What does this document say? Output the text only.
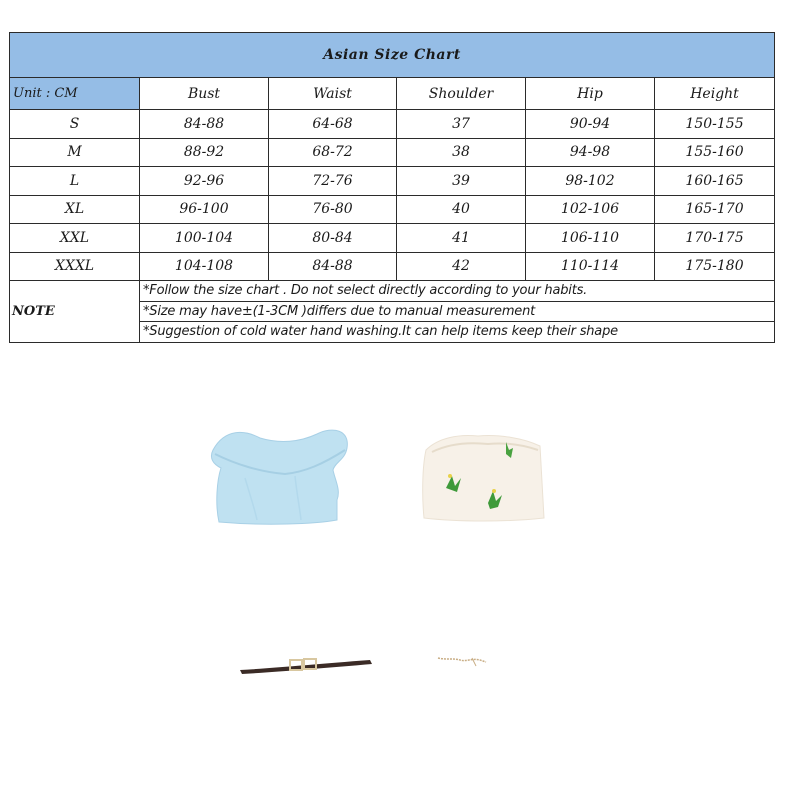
Asian Size Chart					
Unit : CM	Bust	Waist	Shoulder	Hip	Height
S	84-88	64-68	37	90-94	150-155
M	88-92	68-72	38	94-98	155-160
L	92-96	72-76	39	98-102	160-165
XL	96-100	76-80	40	102-106	165-170
XXL	100-104	80-84	41	106-110	170-175
XXXL	104-108	84-88	42	110-114	175-180
NOTE	*Follow the size chart . Do not select directly according to your habits.				
	*Size may have±(1-3CM )differs due to manual measurement				
	*Suggestion of cold water hand washing.It can help items keep their shape				
